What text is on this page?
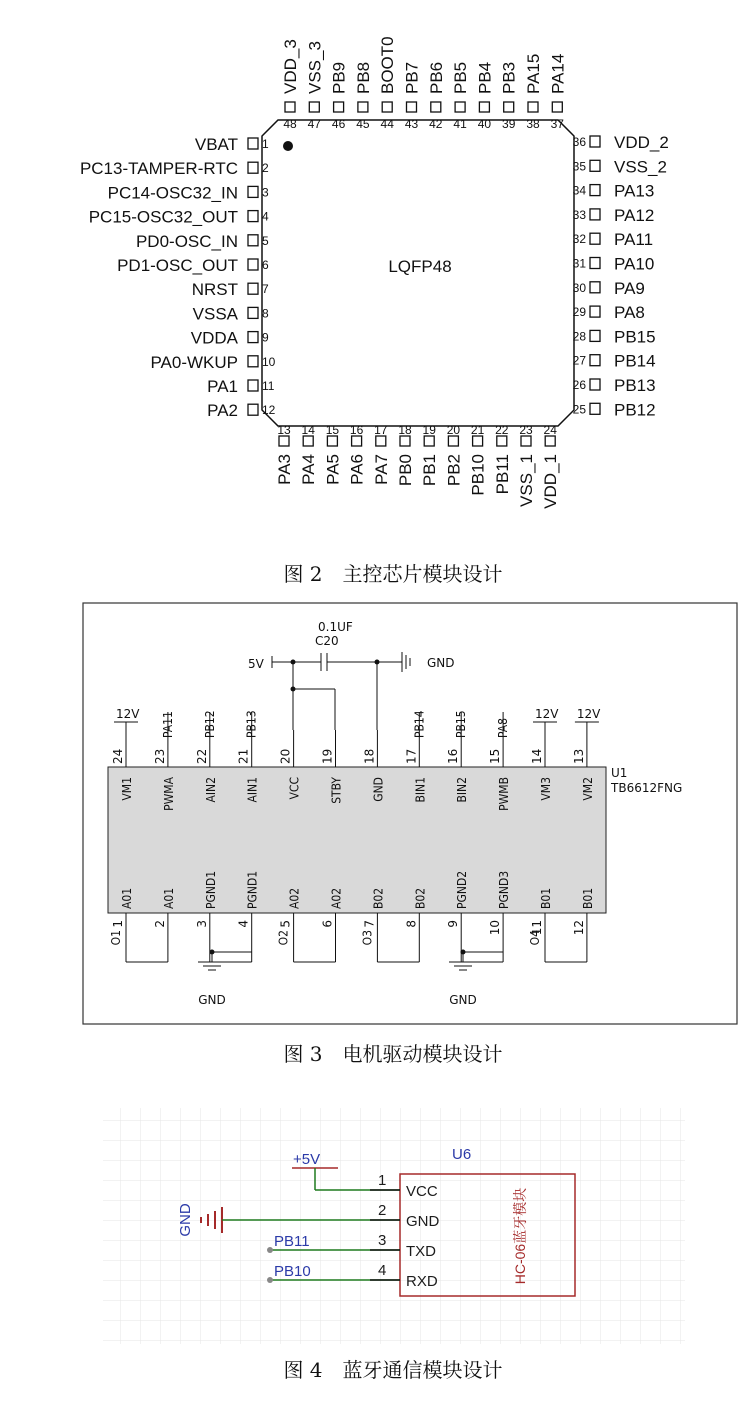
LQFP48
1
VBAT
2
PC13-TAMPER-RTC
3
PC14-OSC32_IN
4
PC15-OSC32_OUT
5
PD0-OSC_IN
6
PD1-OSC_OUT
7
NRST
8
VSSA
9
VDDA
10
PA0-WKUP
11
PA1
12
PA2
36 VDD_2
35 VSS_2
34 PA13
33 PA12
32 PA11
31 PA10
30 PA9
29 PA8
28 PB15
27 PB14
26 PB13
25 PB12
48
VDD_3
47
VSS_3
46
PB9
45
PB8
44
BOOT0
43
PB7
42
PB6
41
PB5
40
PB4
39
PB3
38
PA15
37
PA14
13
PA3
14
PA4
15
PA5
16
PA6
17
PA7
18
PB0
19
PB1
20
PB2
21
PB10
22
PB11
23
VSS_1
24
VDD_1
图 2　主控芯片模块设计
U1
TB6612FNG
0.1UF
C20
5V	GND
24
VM1
12V
23
PWMA
PA11
22
AIN2
PB12
21
AIN1
PB13
20
VCC
19
STBY
18
GND
17
BIN1
PB14
16
BIN2
PB15
15
PWMB
PA8
14
VM3
12V
13
VM2
12V
A01
1
O1
A01
2
PGND1
3
PGND1
4
A02
5
O2
A02
6
B02
7
O3
B02
8
PGND2
9
PGND3
10
B01
11
O4
B01
12
GND	GND
图 3　电机驱动模块设计
U6
HC-06蓝牙模块
+5V
GND
1
VCC
2
GND
3
TXD
PB11
4
RXD
PB10
图 4　蓝牙通信模块设计
